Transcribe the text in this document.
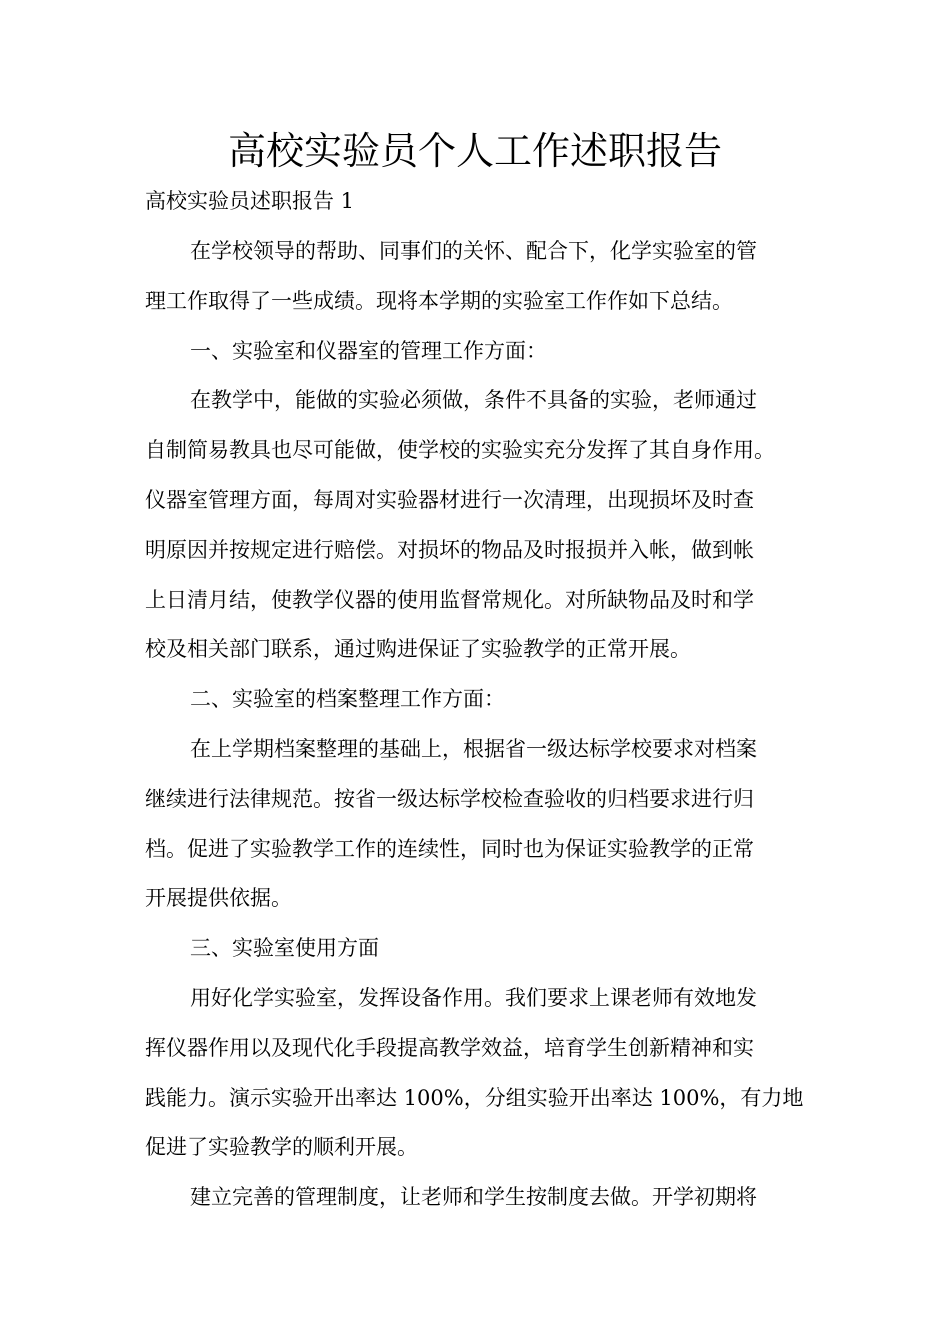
高校实验员个人工作述职报告
高校实验员述职报告 1
在学校领导的帮助、同事们的关怀、配合下，化学实验室的管
理工作取得了一些成绩。现将本学期的实验室工作作如下总结。
一、实验室和仪器室的管理工作方面：
在教学中，能做的实验必须做，条件不具备的实验，老师通过
自制简易教具也尽可能做，使学校的实验实充分发挥了其自身作用。
仪器室管理方面，每周对实验器材进行一次清理，出现损坏及时查
明原因并按规定进行赔偿。对损坏的物品及时报损并入帐，做到帐
上日清月结，使教学仪器的使用监督常规化。对所缺物品及时和学
校及相关部门联系，通过购进保证了实验教学的正常开展。
二、实验室的档案整理工作方面：
在上学期档案整理的基础上，根据省一级达标学校要求对档案
继续进行法律规范。按省一级达标学校检查验收的归档要求进行归
档。促进了实验教学工作的连续性，同时也为保证实验教学的正常
开展提供依据。
三、实验室使用方面
用好化学实验室，发挥设备作用。我们要求上课老师有效地发
挥仪器作用以及现代化手段提高教学效益，培育学生创新精神和实
践能力。演示实验开出率达 100%，分组实验开出率达 100%，有力地
促进了实验教学的顺利开展。
建立完善的管理制度，让老师和学生按制度去做。开学初期将
